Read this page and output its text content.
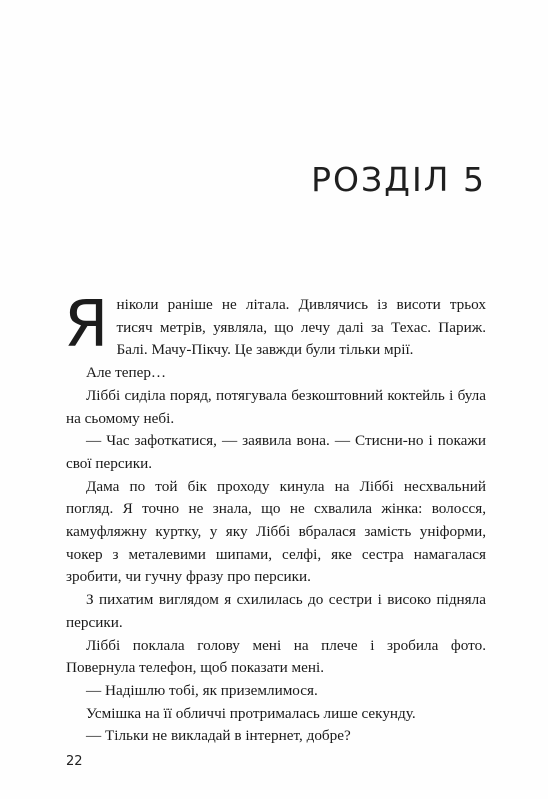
РОЗДІЛ 5

Яніколи раніше не літала. Дивлячись із висоти трьох тисяч метрів, уявляла, що лечу далі за Техас. Париж. Балі. Мачу-Пікчу. Це завжди були тільки мрії.

Але тепер…

Ліббі сиділа поряд, потягувала безкоштовний коктейль і була на сьомому небі.

— Час зафоткатися, — заявила вона. — Стисни-но і покажи свої персики.

Дама по той бік проходу кинула на Ліббі несхвальний погляд. Я точно не знала, що не схвалила жінка: волосся, камуфляжну куртку, у яку Ліббі вбралася замість уніформи, чокер з металевими шипами, селфі, яке сестра намагалася зробити, чи гучну фразу про персики.

З пихатим виглядом я схилилась до сестри і високо підняла персики.

Ліббі поклала голову мені на плече і зробила фото. Повернула телефон, щоб показати мені.

— Надішлю тобі, як приземлимося.

Усмішка на її обличчі протрималась лише секунду.

— Тільки не викладай в інтернет, добре?

22
